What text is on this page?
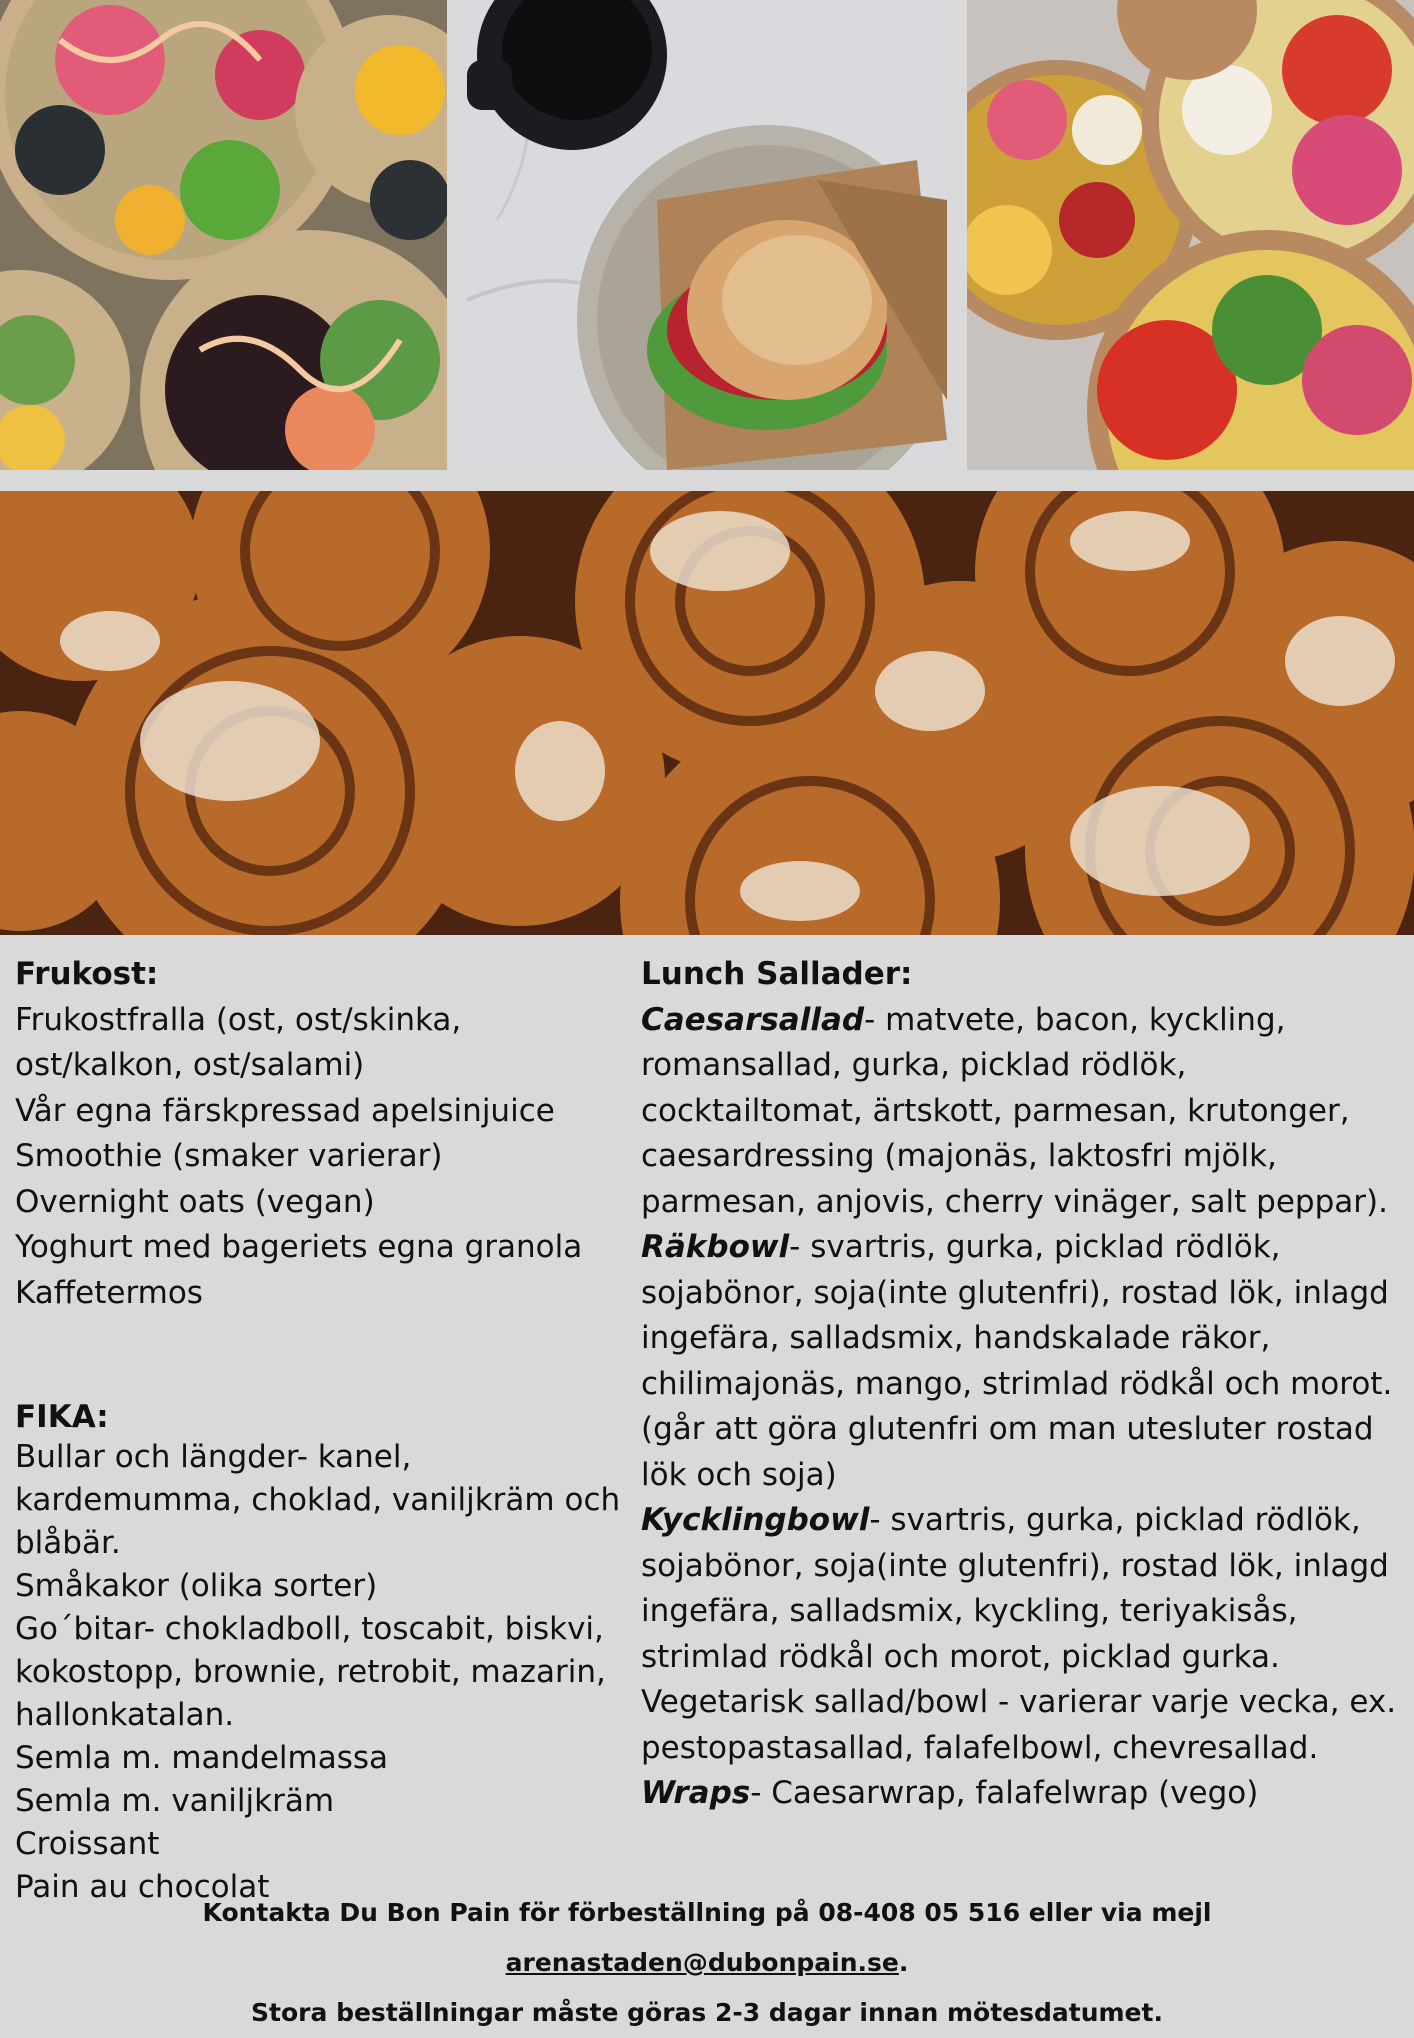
Frukost:
Frukostfralla (ost, ost/skinka, ost/kalkon, ost/salami)
Vår egna färskpressad apelsinjuice
Smoothie (smaker varierar)
Overnight oats (vegan)
Yoghurt med bageriets egna granola
Kaffetermos
FIKA:
Bullar och längder- kanel, kardemumma, choklad, vaniljkräm och blåbär.
Småkakor (olika sorter)
Go´bitar- chokladboll, toscabit, biskvi, kokostopp, brownie, retrobit, mazarin, hallonkatalan.
Semla m. mandelmassa
Semla m. vaniljkräm
Croissant
Pain au chocolat
Lunch Sallader:
Caesarsallad- matvete, bacon, kyckling, romansallad, gurka, picklad rödlök, cocktailtomat, ärtskott, parmesan, krutonger, caesardressing (majonäs, laktosfri mjölk, parmesan, anjovis, cherry vinäger, salt peppar).
Räkbowl- svartris, gurka, picklad rödlök, sojabönor, soja(inte glutenfri), rostad lök, inlagd ingefära, salladsmix, handskalade räkor, chilimajonäs, mango, strimlad rödkål och morot. (går att göra glutenfri om man utesluter rostad lök och soja)
Kycklingbowl- svartris, gurka, picklad rödlök, sojabönor, soja(inte glutenfri), rostad lök, inlagd ingefära, salladsmix, kyckling, teriyakisås, strimlad rödkål och morot, picklad gurka.
Vegetarisk sallad/bowl - varierar varje vecka, ex. pestopastasallad, falafelbowl, chevresallad.
Wraps- Caesarwrap, falafelwrap (vego)
Kontakta Du Bon Pain för förbeställning på 08-408 05 516 eller via mejl arenastaden@dubonpain.se.
Stora beställningar måste göras 2-3 dagar innan mötesdatumet.
